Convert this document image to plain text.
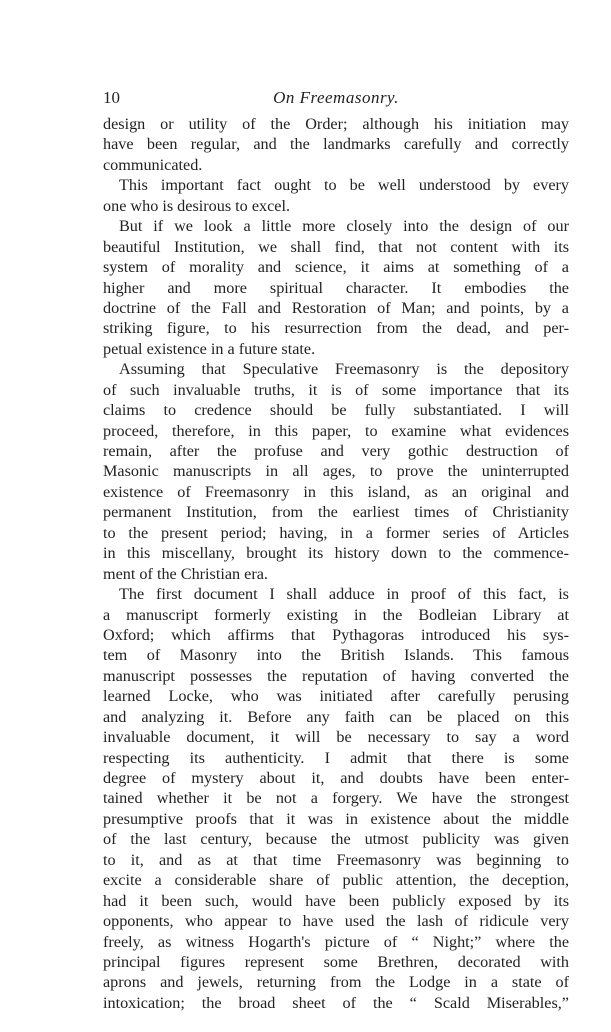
10	On Freemasonry.
design or utility of the Order; although his initiation may
have been regular, and the landmarks carefully and correctly
communicated.
This important fact ought to be well understood by every
one who is desirous to excel.
But if we look a little more closely into the design of our
beautiful Institution, we shall find, that not content with its
system of morality and science, it aims at something of a
higher and more spiritual character. It embodies the
doctrine of the Fall and Restoration of Man; and points, by a
striking figure, to his resurrection from the dead, and per-
petual existence in a future state.
Assuming that Speculative Freemasonry is the depository
of such invaluable truths, it is of some importance that its
claims to credence should be fully substantiated. I will
proceed, therefore, in this paper, to examine what evidences
remain, after the profuse and very gothic destruction of
Masonic manuscripts in all ages, to prove the uninterrupted
existence of Freemasonry in this island, as an original and
permanent Institution, from the earliest times of Christianity
to the present period; having, in a former series of Articles
in this miscellany, brought its history down to the commence-
ment of the Christian era.
The first document I shall adduce in proof of this fact, is
a manuscript formerly existing in the Bodleian Library at
Oxford; which affirms that Pythagoras introduced his sys-
tem of Masonry into the British Islands. This famous
manuscript possesses the reputation of having converted the
learned Locke, who was initiated after carefully perusing
and analyzing it. Before any faith can be placed on this
invaluable document, it will be necessary to say a word
respecting its authenticity. I admit that there is some
degree of mystery about it, and doubts have been enter-
tained whether it be not a forgery. We have the strongest
presumptive proofs that it was in existence about the middle
of the last century, because the utmost publicity was given
to it, and as at that time Freemasonry was beginning to
excite a considerable share of public attention, the deception,
had it been such, would have been publicly exposed by its
opponents, who appear to have used the lash of ridicule very
freely, as witness Hogarth's picture of “ Night;” where the
principal figures represent some Brethren, decorated with
aprons and jewels, returning from the Lodge in a state of
intoxication; the broad sheet of the “ Scald Miserables,”
